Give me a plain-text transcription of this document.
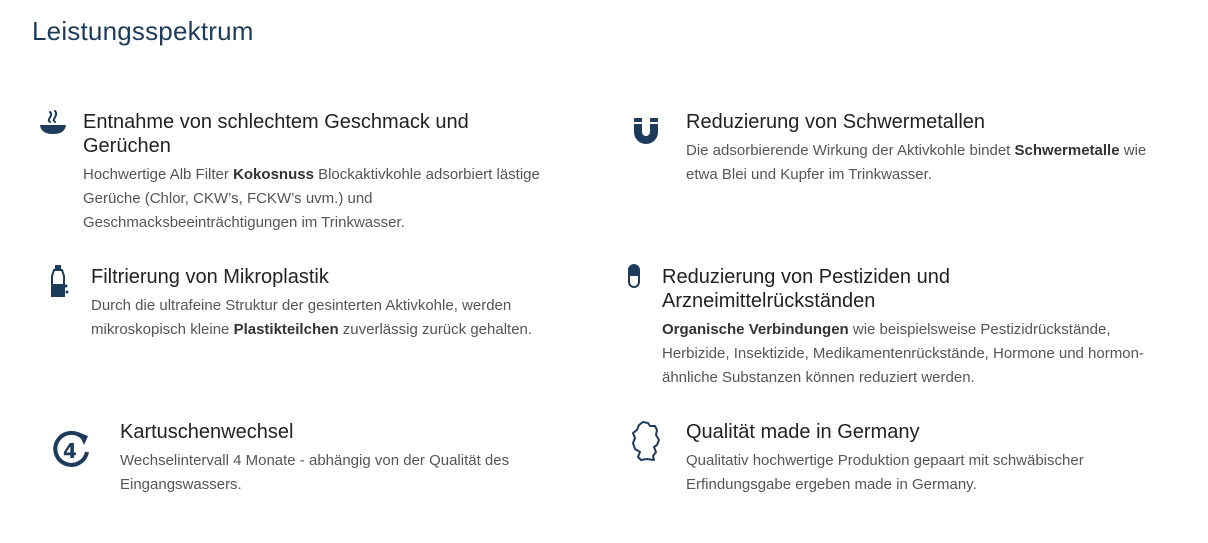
Leistungsspektrum
Entnahme von schlechtem Geschmack und Gerüchen

Hochwertige Alb Filter Kokosnuss Blockaktivkohle adsorbiert lästige Gerüche (Chlor, CKW’s, FCKW’s uvm.) und Geschmacksbeeinträchtigungen im Trinkwasser.

Reduzierung von Schwermetallen

Die adsorbierende Wirkung der Aktivkohle bindet Schwermetalle wie etwa Blei und Kupfer im Trinkwasser.

Filtrierung von Mikroplastik

Durch die ultrafeine Struktur der gesinterten Aktivkohle, werden mikroskopisch kleine Plastikteilchen zuverlässig zurück gehalten.

Reduzierung von Pestiziden und Arzneimittelrückständen

Organische Verbindungen wie beispielsweise Pestizidrückstände, Herbizide, Insektizide, Medikamentenrückstände, Hormone und hormon- ähnliche Substanzen können reduziert werden.

4
Kartuschenwechsel

Wechselintervall 4 Monate - abhängig von der Qualität des Eingangswassers.

Qualität made in Germany

Qualitativ hochwertige Produktion gepaart mit schwäbischer Erfindungsgabe ergeben made in Germany.
